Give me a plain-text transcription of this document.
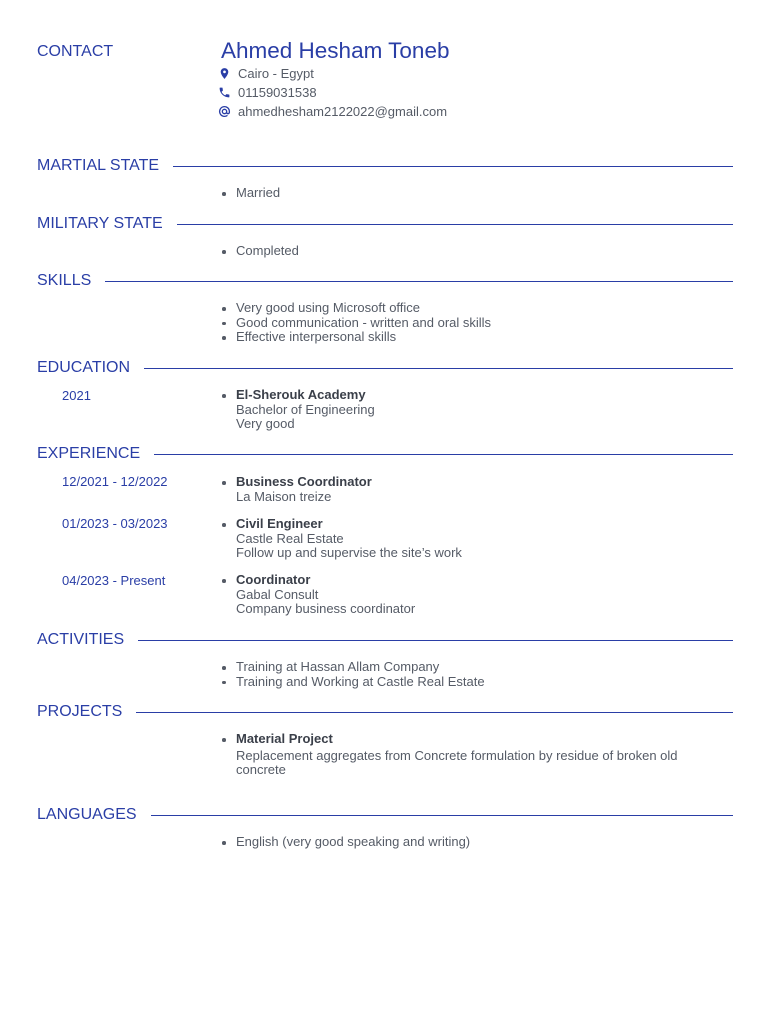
CONTACT	Ahmed Hesham Toneb
Cairo - Egypt
01159031538
ahmedhesham2122022@gmail.com
MARTIAL STATE
Married
MILITARY STATE
Completed
SKILLS
Very good using Microsoft office
Good communication - written and oral skills
Effective interpersonal skills
EDUCATION
2021	El-Sherouk Academy
Bachelor of Engineering
Very good
EXPERIENCE
12/2021 - 12/2022	Business Coordinator
La Maison treize
01/2023 - 03/2023	Civil Engineer
Castle Real Estate
Follow up and supervise the site’s work
04/2023 - Present	Coordinator
Gabal Consult
Company business coordinator
ACTIVITIES
Training at Hassan Allam Company
Training and Working at Castle Real Estate
PROJECTS
Material Project
Replacement aggregates from Concrete formulation by residue of broken old
concrete
LANGUAGES
English (very good speaking and writing)
